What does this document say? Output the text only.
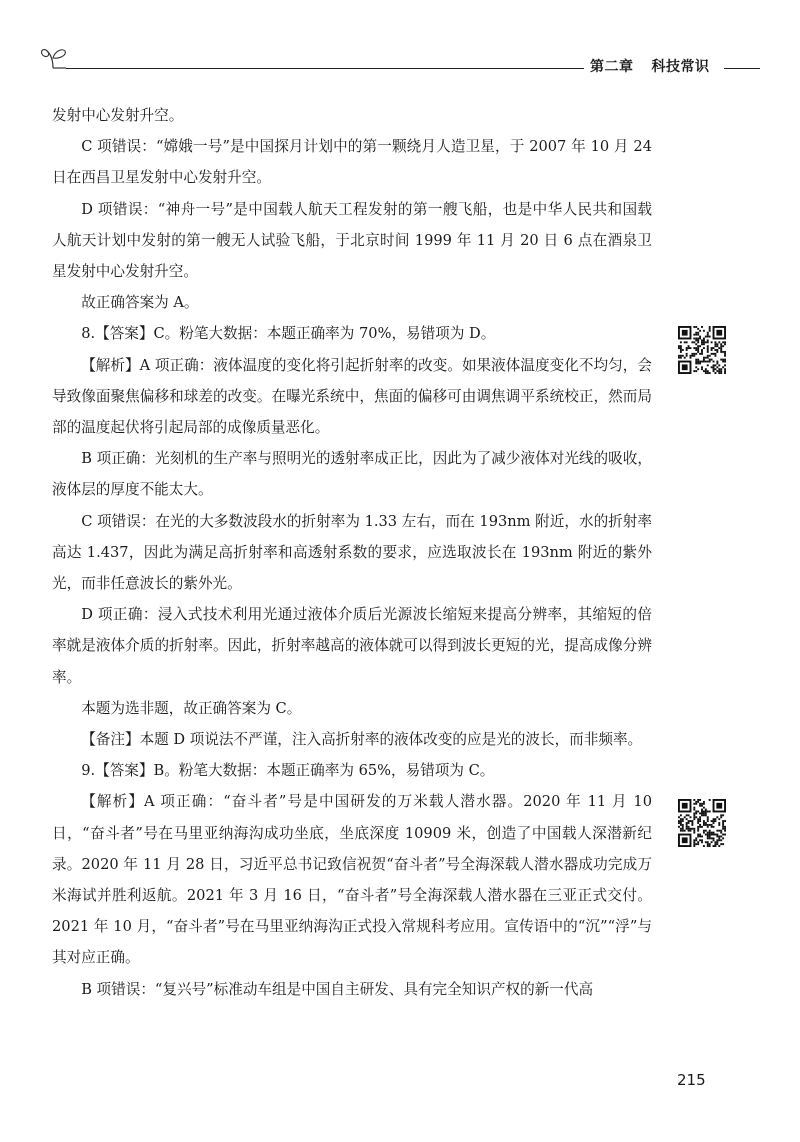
第二章 科技常识

发射中心发射升空。

C 项错误：“嫦娥一号”是中国探月计划中的第一颗绕月人造卫星，于 2007 年 10 月 24 日在西昌卫星发射中心发射升空。

D 项错误：“神舟一号”是中国载人航天工程发射的第一艘飞船，也是中华人民共和国载人航天计划中发射的第一艘无人试验飞船，于北京时间 1999 年 11 月 20 日 6 点在酒泉卫星发射中心发射升空。

故正确答案为 A。

8.【答案】C。粉笔大数据：本题正确率为 70%，易错项为 D。

【解析】A 项正确：液体温度的变化将引起折射率的改变。如果液体温度变化不均匀，会导致像面聚焦偏移和球差的改变。在曝光系统中，焦面的偏移可由调焦调平系统校正，然而局部的温度起伏将引起局部的成像质量恶化。

B 项正确：光刻机的生产率与照明光的透射率成正比，因此为了减少液体对光线的吸收，液体层的厚度不能太大。

C 项错误：在光的大多数波段水的折射率为 1.33 左右，而在 193nm 附近，水的折射率高达 1.437，因此为满足高折射率和高透射系数的要求，应选取波长在 193nm 附近的紫外光，而非任意波长的紫外光。

D 项正确：浸入式技术利用光通过液体介质后光源波长缩短来提高分辨率，其缩短的倍率就是液体介质的折射率。因此，折射率越高的液体就可以得到波长更短的光，提高成像分辨率。

本题为选非题，故正确答案为 C。

【备注】本题 D 项说法不严谨，注入高折射率的液体改变的应是光的波长，而非频率。

9.【答案】B。粉笔大数据：本题正确率为 65%，易错项为 C。

【解析】A 项正确：“奋斗者”号是中国研发的万米载人潜水器。2020 年 11 月 10 日，“奋斗者”号在马里亚纳海沟成功坐底，坐底深度 10909 米，创造了中国载人深潜新纪录。2020 年 11 月 28 日，习近平总书记致信祝贺“奋斗者”号全海深载人潜水器成功完成万米海试并胜利返航。2021 年 3 月 16 日，“奋斗者”号全海深载人潜水器在三亚正式交付。2021 年 10 月，“奋斗者”号在马里亚纳海沟正式投入常规科考应用。宣传语中的“沉”“浮”与其对应正确。

B 项错误：“复兴号”标准动车组是中国自主研发、具有完全知识产权的新一代高

215
